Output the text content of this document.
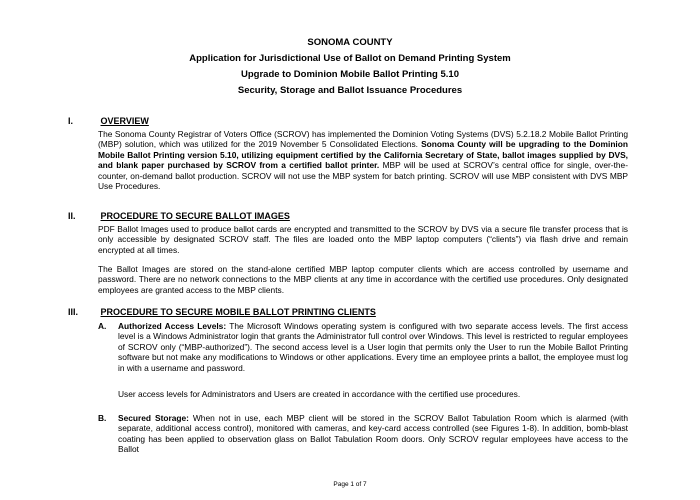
SONOMA COUNTY
Application for Jurisdictional Use of Ballot on Demand Printing System
Upgrade to Dominion Mobile Ballot Printing 5.10
Security, Storage and Ballot Issuance Procedures
I.	OVERVIEW
The Sonoma County Registrar of Voters Office (SCROV) has implemented the Dominion Voting Systems (DVS) 5.2.18.2 Mobile Ballot Printing (MBP) solution, which was utilized for the 2019 November 5 Consolidated Elections. Sonoma County will be upgrading to the Dominion Mobile Ballot Printing version 5.10, utilizing equipment certified by the California Secretary of State, ballot images supplied by DVS, and blank paper purchased by SCROV from a certified ballot printer. MBP will be used at SCROV’s central office for single, over-the-counter, on-demand ballot production. SCROV will not use the MBP system for batch printing. SCROV will use MBP consistent with DVS MBP Use Procedures.
II.	PROCEDURE TO SECURE BALLOT IMAGES
PDF Ballot Images used to produce ballot cards are encrypted and transmitted to the SCROV by DVS via a secure file transfer process that is only accessible by designated SCROV staff. The files are loaded onto the MBP laptop computers (“clients”) via flash drive and remain encrypted at all times.
The Ballot Images are stored on the stand-alone certified MBP laptop computer clients which are access controlled by username and password. There are no network connections to the MBP clients at any time in accordance with the certified use procedures. Only designated employees are granted access to the MBP clients.
III.	PROCEDURE TO SECURE MOBILE BALLOT PRINTING CLIENTS
A. Authorized Access Levels: The Microsoft Windows operating system is configured with two separate access levels. The first access level is a Windows Administrator login that grants the Administrator full control over Windows. This level is restricted to regular employees of SCROV only (“MBP-authorized”). The second access level is a User login that permits only the User to run the Mobile Ballot Printing software but not make any modifications to Windows or other applications. Every time an employee prints a ballot, the employee must log in with a username and password.
User access levels for Administrators and Users are created in accordance with the certified use procedures.
B. Secured Storage: When not in use, each MBP client will be stored in the SCROV Ballot Tabulation Room which is alarmed (with separate, additional access control), monitored with cameras, and key-card access controlled (see Figures 1-8). In addition, bomb-blast coating has been applied to observation glass on Ballot Tabulation Room doors. Only SCROV regular employees have access to the Ballot
Page 1 of 7
